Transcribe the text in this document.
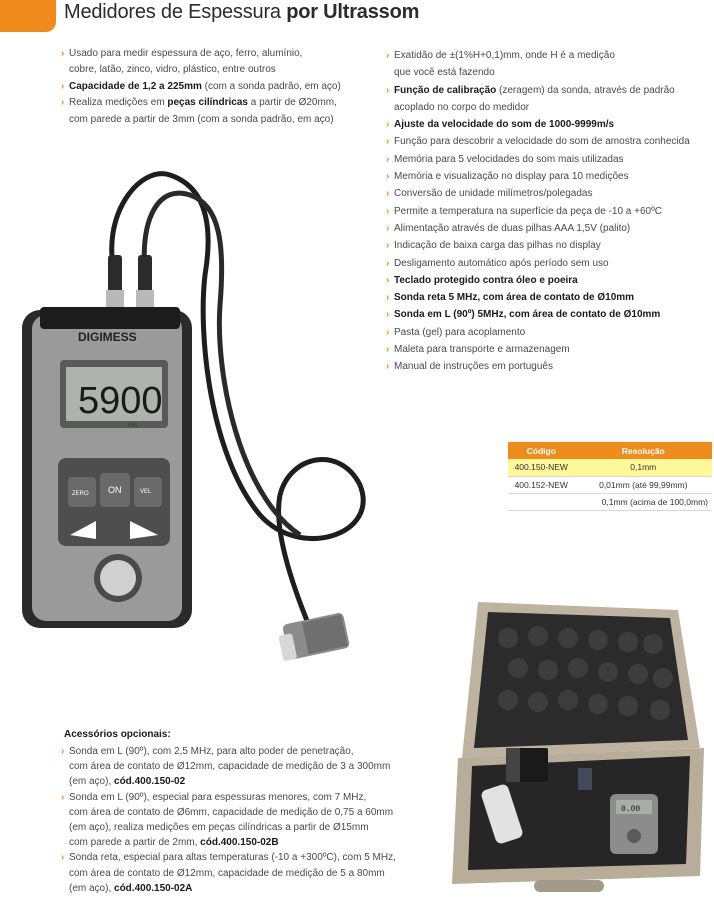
Medidores de Espessura por Ultrassom
› Usado para medir espessura de aço, ferro, alumínio,
cobre, latão, zinco, vidro, plástico, entre outros
› Capacidade de 1,2 a 225mm (com a sonda padrão, em aço)
› Realiza medições em peças cilíndricas a partir de Ø20mm,
com parede a partir de 3mm (com a sonda padrão, em aço)
› Exatidão de ±(1%H+0,1)mm, onde H é a medição
que você está fazendo
› Função de calibração (zeragem) da sonda, através de padrão
acoplado no corpo do medidor
› Ajuste da velocidade do som de 1000-9999m/s
› Função para descobrir a velocidade do som de amostra conhecida
› Memória para 5 velocidades do som mais utilizadas
› Memória e visualização no display para 10 medições
› Conversão de unidade milímetros/polegadas
› Permite a temperatura na superfície da peça de -10 a +60ºC
› Alimentação através de duas pilhas AAA 1,5V (palito)
› Indicação de baixa carga das pilhas no display
› Desligamento automático após período sem uso
› Teclado protegido contra óleo e poeira
› Sonda reta 5 MHz, com área de contato de Ø10mm
› Sonda em L (90º) 5MHz, com área de contato de Ø10mm
› Pasta (gel) para acoplamento
› Maleta para transporte e armazenagem
› Manual de instruções em português
Código	Resolução
400.150-NEW	0,1mm
400.152-NEW	0,01mm (até 99,99mm)
	0,1mm (acima de 100,0mm)
DIGIMESS
5900
m/s
ZERO ON	VEL
Acessórios opcionais:
› Sonda em L (90º), com 2,5 MHz, para alto poder de penetração,
com área de contato de Ø12mm, capacidade de medição de 3 a 300mm
(em aço), cód.400.150-02
› Sonda em L (90º), especial para espessuras menores, com 7 MHz,
com área de contato de Ø6mm, capacidade de medição de 0,75 a 60mm
(em aço), realiza medições em peças cilíndricas a partir de Ø15mm
com parede a partir de 2mm, cód.400.150-02B
› Sonda reta, especial para altas temperaturas (-10 a +300ºC), com 5 MHz,
com área de contato de Ø12mm, capacidade de medição de 5 a 80mm
(em aço), cód.400.150-02A
0.00
